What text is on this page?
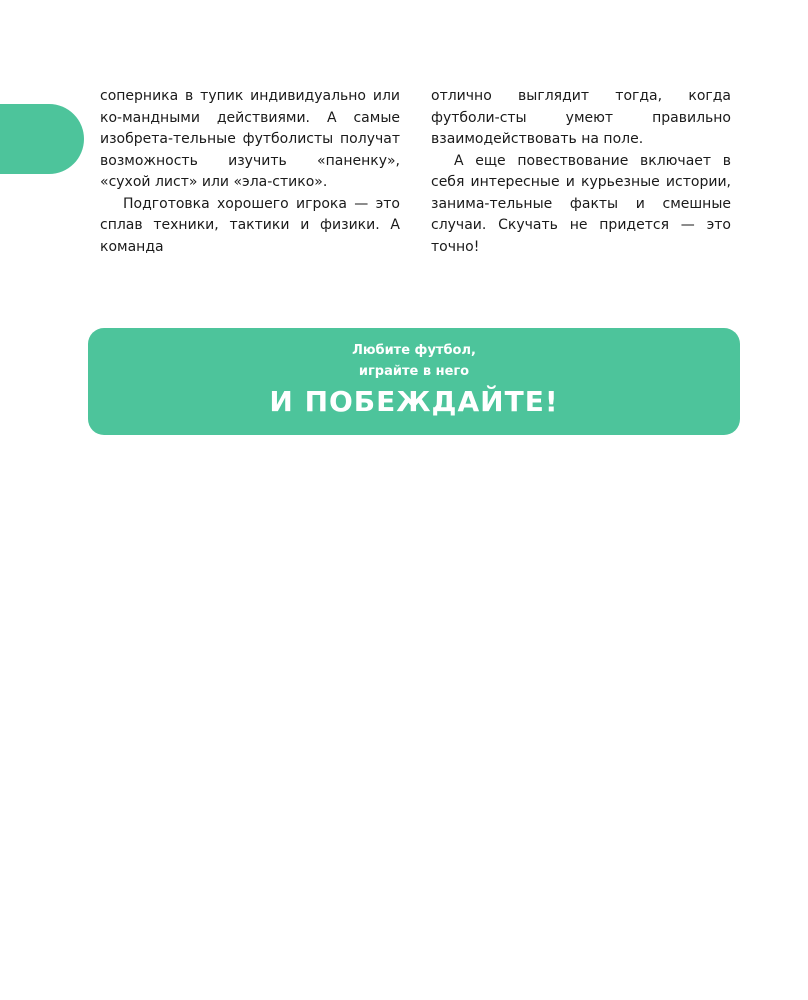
соперника в тупик индивидуально или ко-мандными действиями. А самые изобрета-тельные футболисты получат возможность изучить «паненку», «сухой лист» или «эла-стико».

Подготовка хорошего игрока — это сплав техники, тактики и физики. А команда

отлично выглядит тогда, когда футболи-сты умеют правильно взаимодействовать на поле.

А еще повествование включает в себя интересные и курьезные истории, занима-тельные факты и смешные случаи. Скучать не придется — это точно!

Любите футбол,
играйте в него
И ПОБЕЖДАЙТЕ!
